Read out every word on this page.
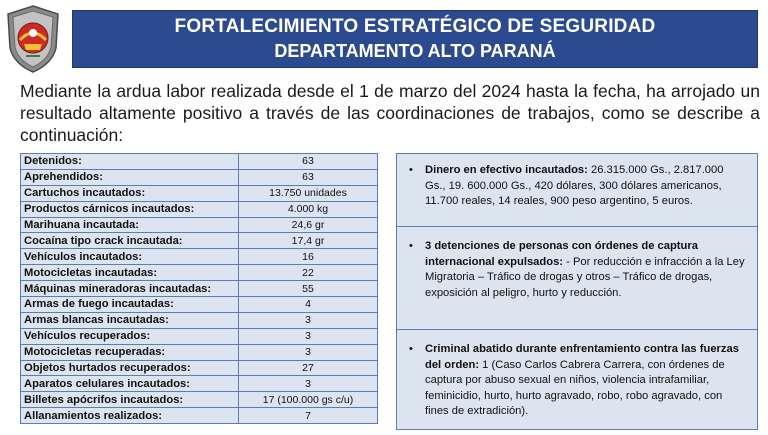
FORTALECIMIENTO ESTRATÉGICO DE SEGURIDAD
DEPARTAMENTO ALTO PARANÁ

Mediante la ardua labor realizada desde el 1 de marzo del 2024 hasta la fecha, ha arrojado un resultado altamente positivo a través de las coordinaciones de trabajos, como se describe a continuación:

Detenidos:	63
Aprehendidos:	63
Cartuchos incautados:	13.750 unidades
Productos cárnicos incautados:	4.000 kg
Marihuana incautada:	24,6 gr
Cocaína tipo crack incautada:	17,4 gr
Vehículos incautados:	16
Motocicletas incautadas:	22
Máquinas mineradoras incautadas:	55
Armas de fuego incautadas:	4
Armas blancas incautadas:	3
Vehículos recuperados:	3
Motocicletas recuperadas:	3
Objetos hurtados recuperados:	27
Aparatos celulares incautados:	3
Billetes apócrifos incautados:	17 (100.000 gs c/u)
Allanamientos realizados:	7
• Dinero en efectivo incautados: 26.315.000 Gs., 2.817.000 Gs., 19. 600.000 Gs., 420 dólares, 300 dólares americanos, 11.700 reales, 14 reales, 900 peso argentino, 5 euros.
• 3 detenciones de personas con órdenes de captura internacional expulsados: - Por reducción e infracción a la Ley Migratoria – Tráfico de drogas y otros – Tráfico de drogas, exposición al peligro, hurto y reducción.
• Criminal abatido durante enfrentamiento contra las fuerzas del orden: 1 (Caso Carlos Cabrera Carrera, con órdenes de captura por abuso sexual en niños, violencia intrafamiliar, feminicidio, hurto, hurto agravado, robo, robo agravado, con fines de extradición).
